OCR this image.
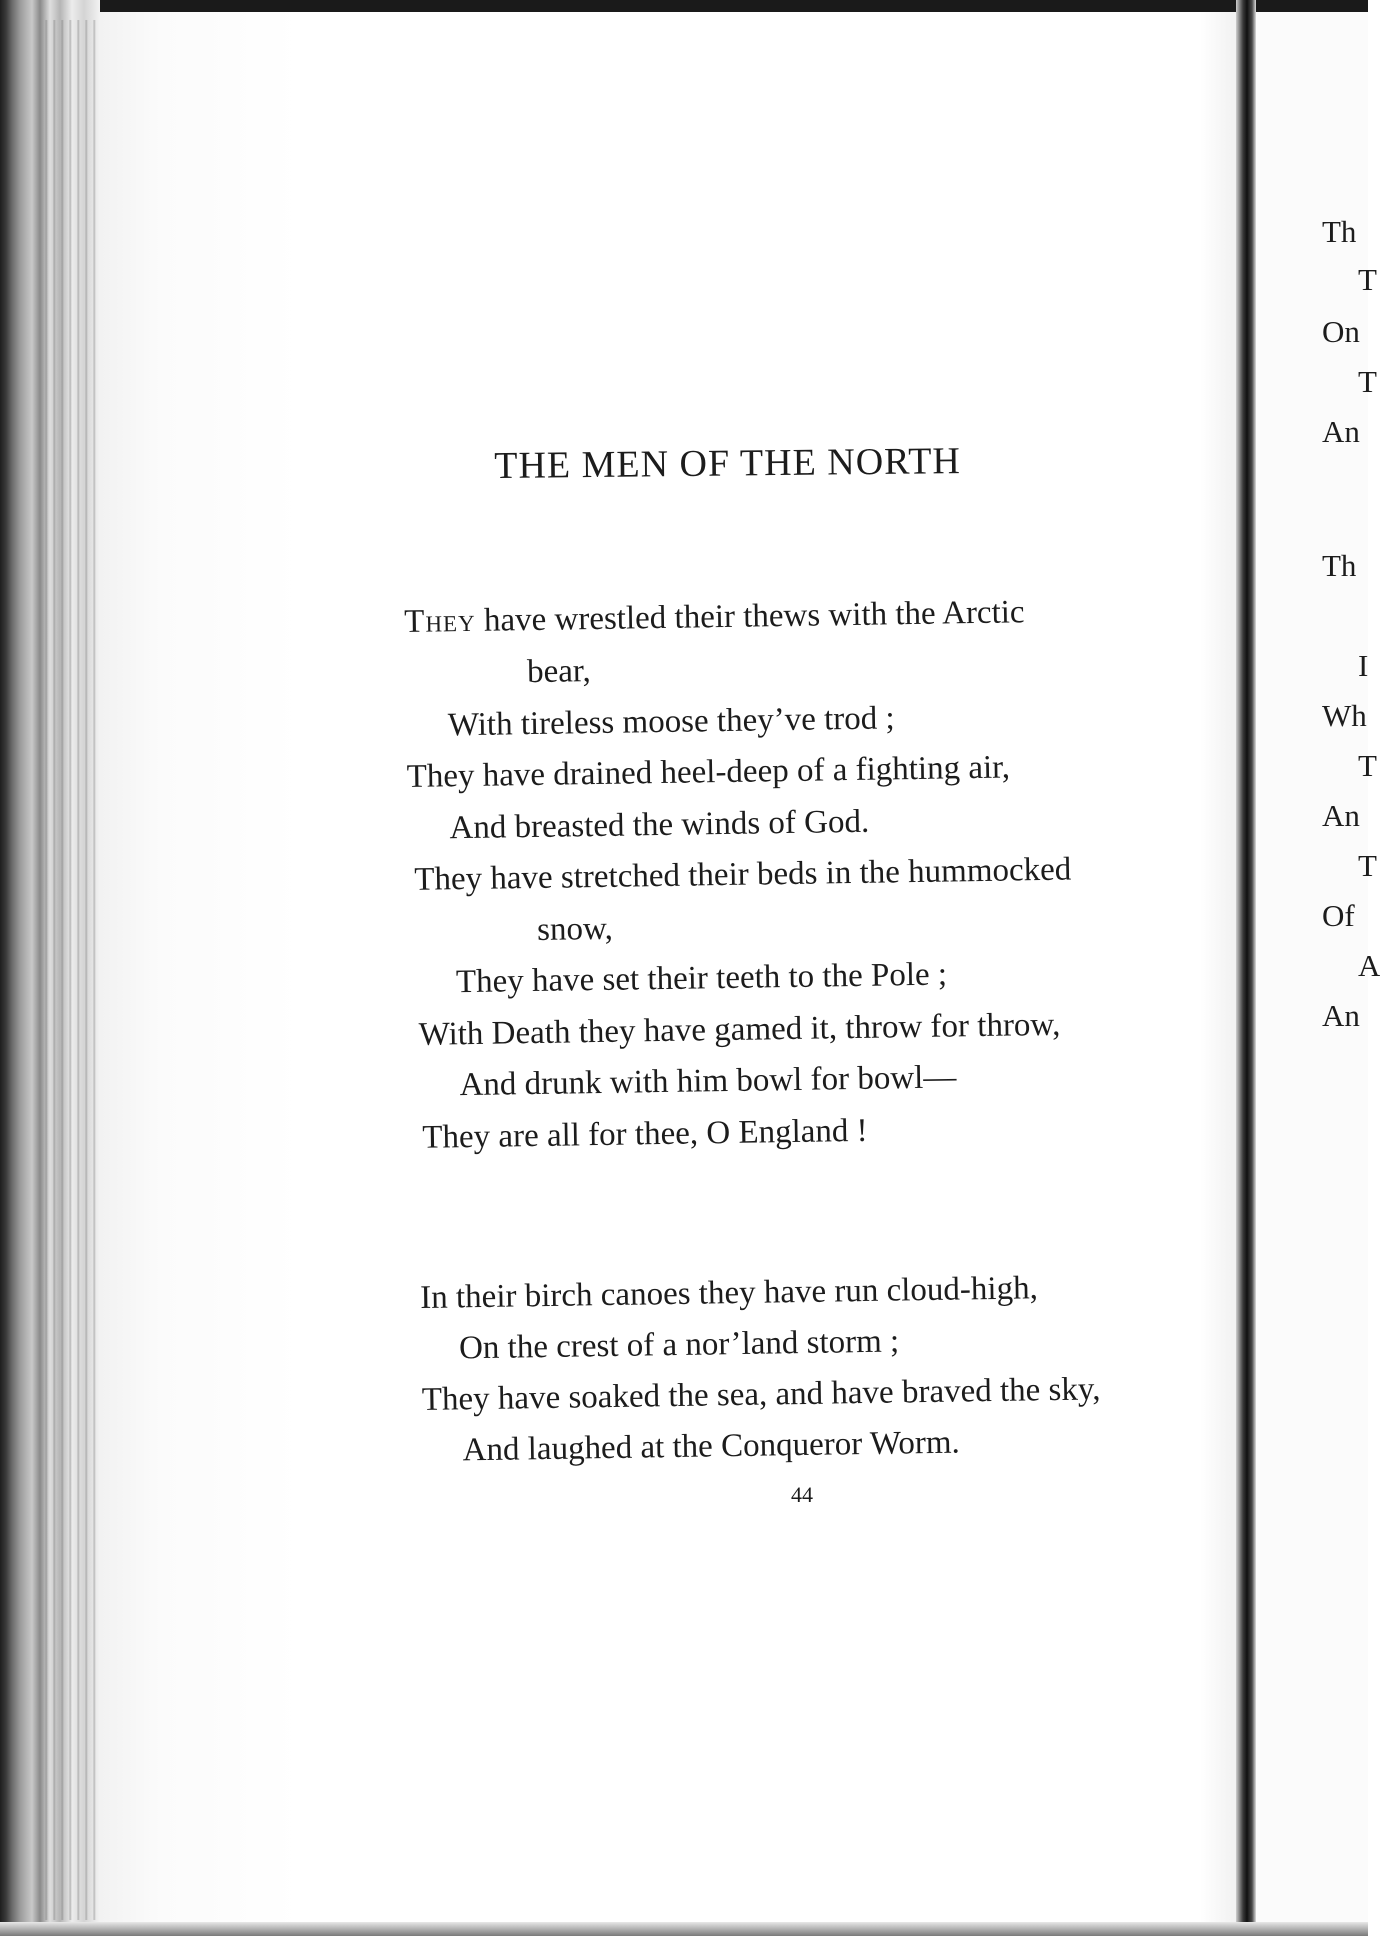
THE MEN OF THE NORTH
They have wrestled their thews with the Arctic
bear,
With tireless moose they’ve trod ;
They have drained heel-deep of a fighting air,
And breasted the winds of God.
They have stretched their beds in the hummocked
snow,
They have set their teeth to the Pole ;
With Death they have gamed it, throw for throw,
And drunk with him bowl for bowl—
They are all for thee, O England !
In their birch canoes they have run cloud-high,
On the crest of a nor’land storm ;
They have soaked the sea, and have braved the sky,
And laughed at the Conqueror Worm.
44
Th
T
On
T
An
Th
I
Wh
T
An
T
Of
A
An
